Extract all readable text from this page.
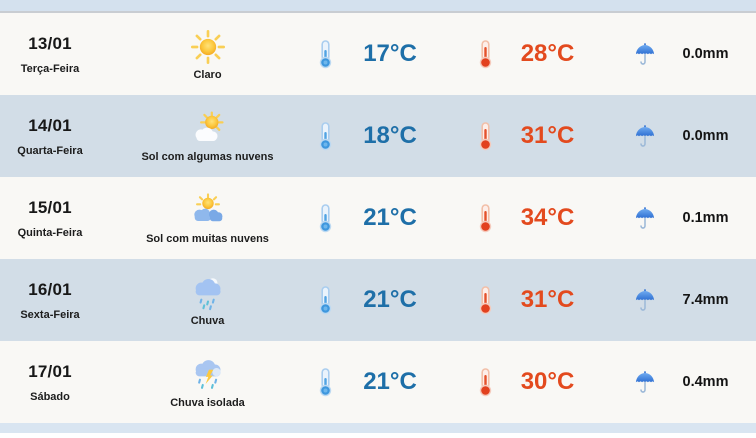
13/01
Terça-Feira
Claro
17°C	28°C	0.0mm
14/01
Quarta-Feira
Sol com algumas nuvens
18°C	31°C	0.0mm
15/01
Quinta-Feira
Sol com muitas nuvens
21°C	34°C	0.1mm
16/01
Sexta-Feira
Chuva
21°C	31°C	7.4mm
17/01
Sábado
Chuva isolada
21°C	30°C	0.4mm
